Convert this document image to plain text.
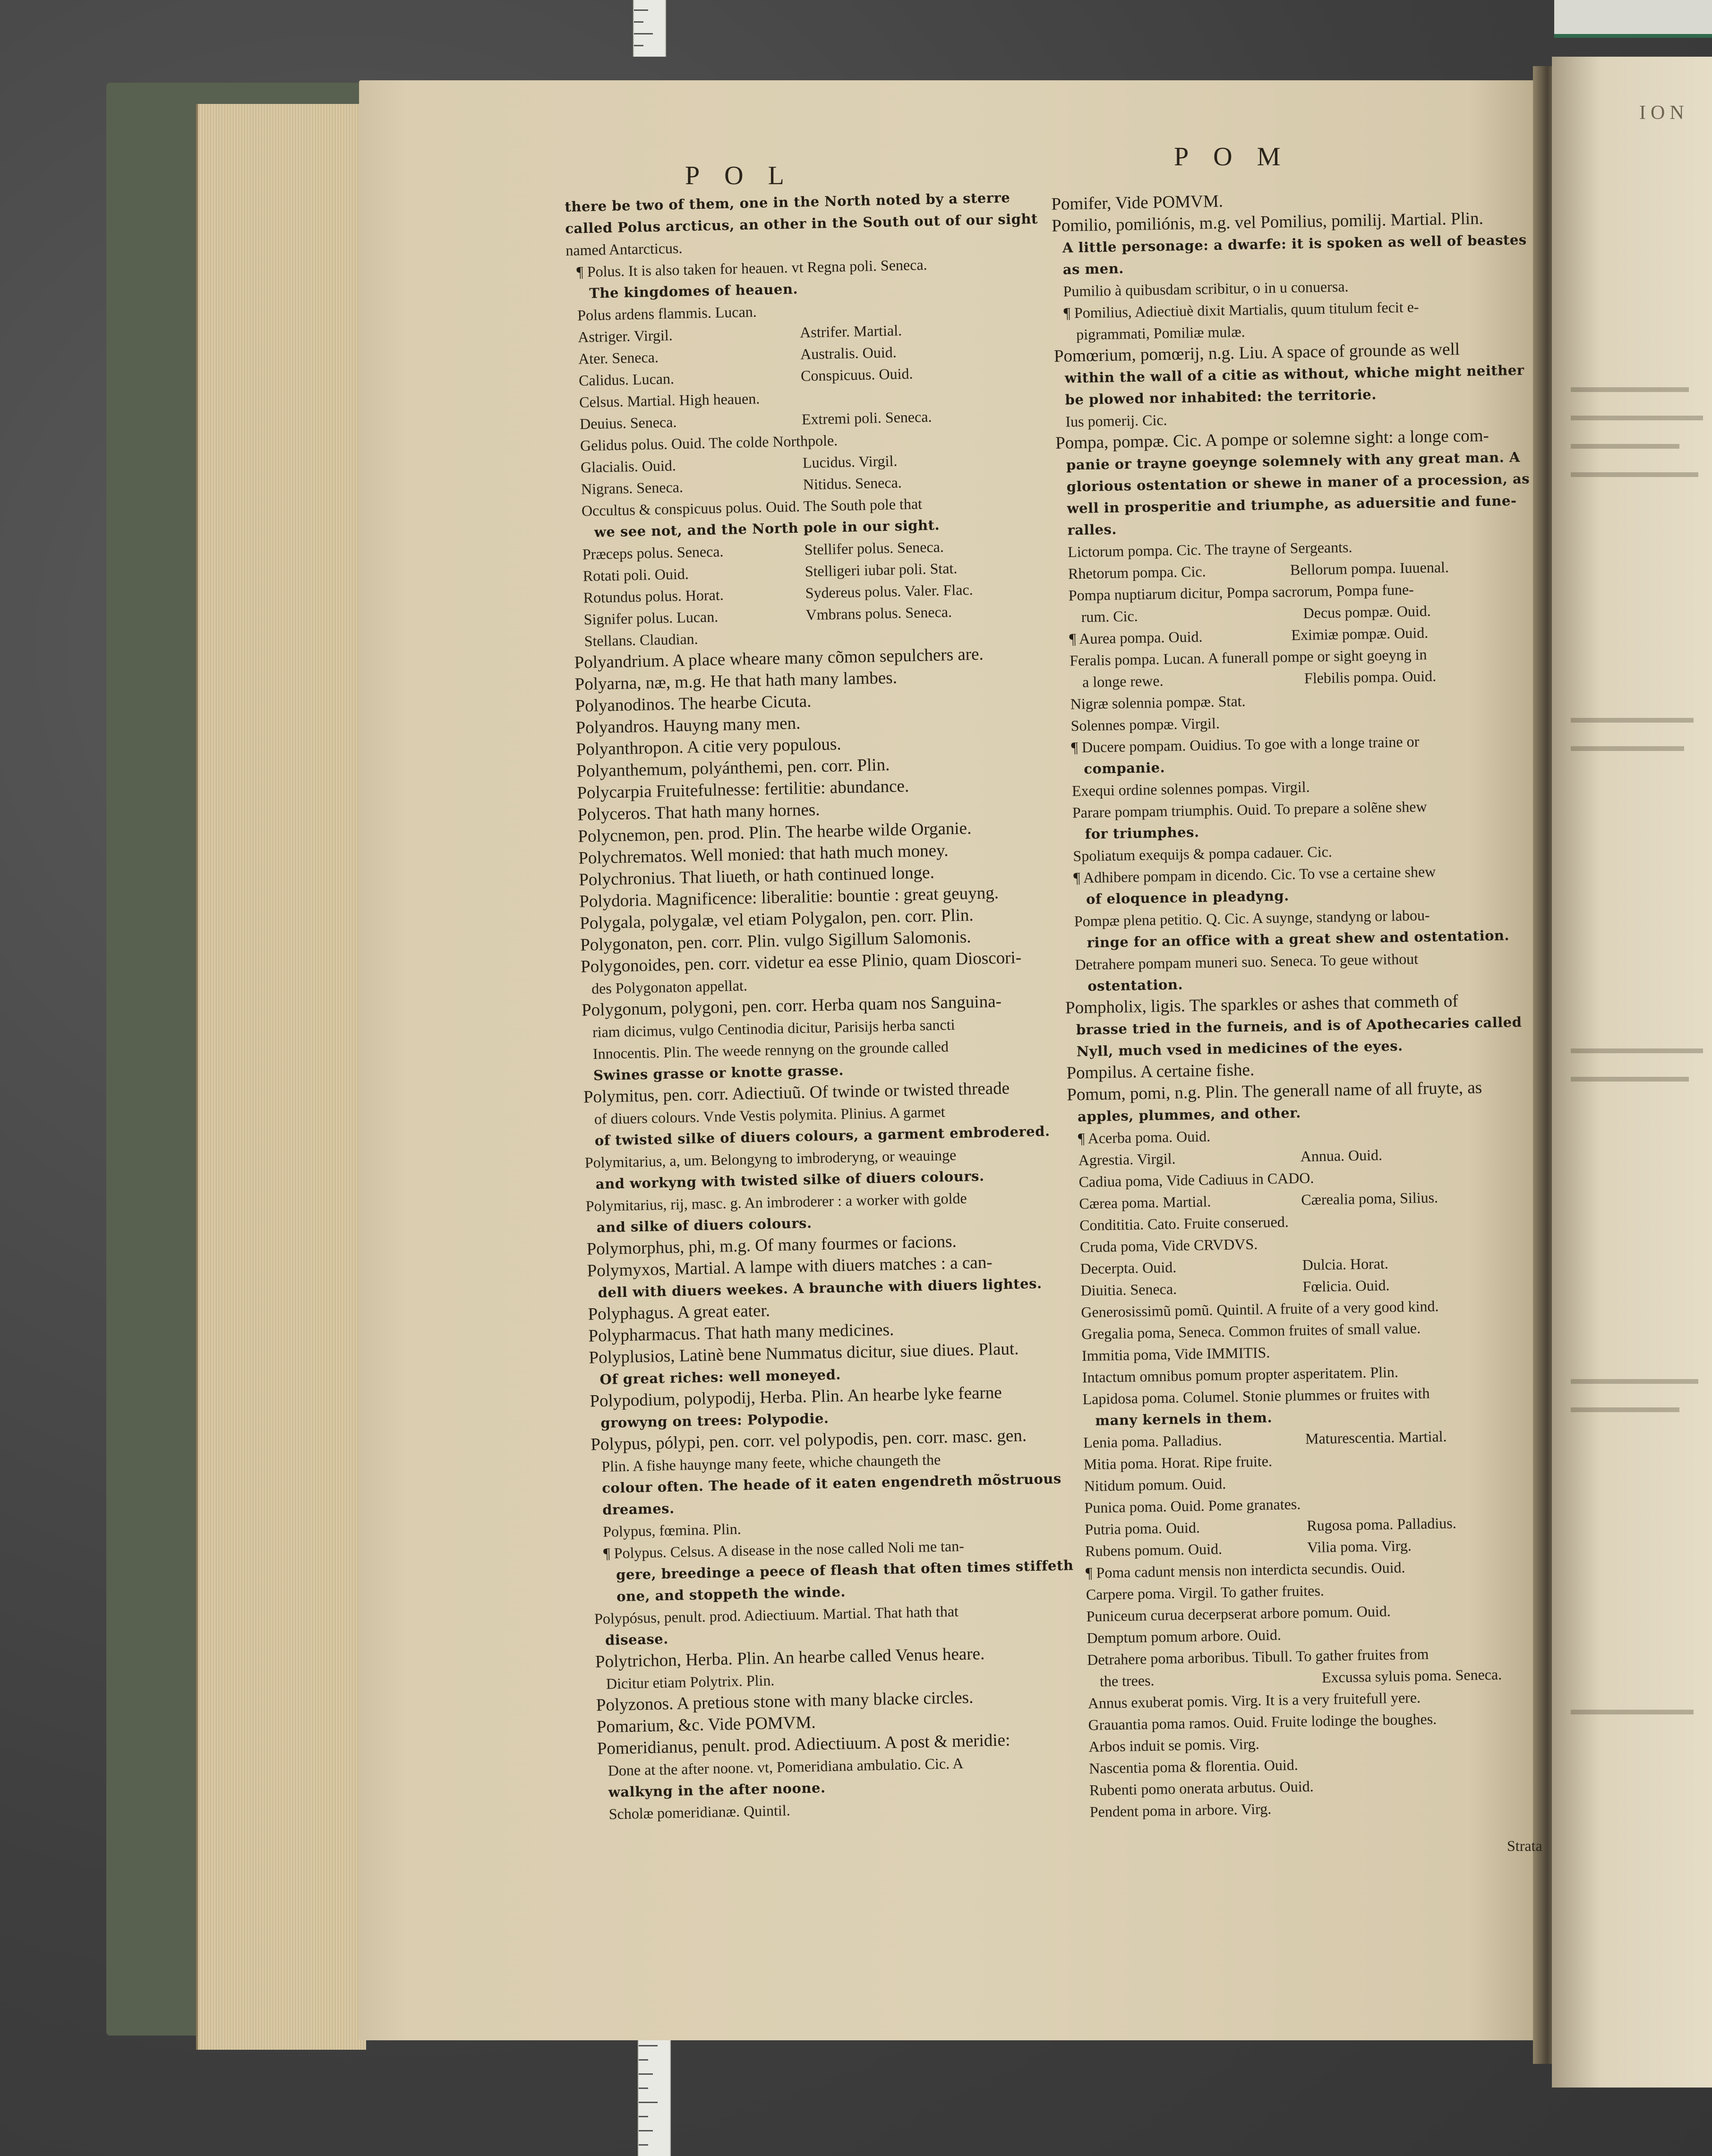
ION
POL
POM
there be two of them, one in the North noted by a sterre
called Polus arcticus, an other in the South out of our sight
named Antarcticus.
¶ Polus. It is also taken for heauen. vt Regna poli. Seneca.
The kingdomes of heauen.
Polus ardens flammis. Lucan.
Astriger. Virgil.	Astrifer. Martial.
Ater. Seneca.	Australis. Ouid.
Calidus. Lucan.	Conspicuus. Ouid.
Celsus. Martial. High heauen.
Deuius. Seneca.	Extremi poli. Seneca.
Gelidus polus. Ouid. The colde Northpole.
Glacialis. Ouid.	Lucidus. Virgil.
Nigrans. Seneca.	Nitidus. Seneca.
Occultus & conspicuus polus. Ouid. The South pole that
we see not, and the North pole in our sight.
Præceps polus. Seneca.	Stellifer polus. Seneca.
Rotati poli. Ouid.	Stelligeri iubar poli. Stat.
Rotundus polus. Horat.	Sydereus polus. Valer. Flac.
Signifer polus. Lucan.	Vmbrans polus. Seneca.
Stellans. Claudian.
Polyandrium. A place wheare many cõmon sepulchers are.
Polyarna, næ, m.g. He that hath many lambes.
Polyanodinos. The hearbe Cicuta.
Polyandros. Hauyng many men.
Polyanthropon. A citie very populous.
Polyanthemum, polyánthemi, pen. corr. Plin.
Polycarpia Fruitefulnesse: fertilitie: abundance.
Polyceros. That hath many hornes.
Polycnemon, pen. prod. Plin. The hearbe wilde Organie.
Polychrematos. Well monied: that hath much money.
Polychronius. That liueth, or hath continued longe.
Polydoria. Magnificence: liberalitie: bountie : great geuyng.
Polygala, polygalæ, vel etiam Polygalon, pen. corr. Plin.
Polygonaton, pen. corr. Plin. vulgo Sigillum Salomonis.
Polygonoides, pen. corr. videtur ea esse Plinio, quam Dioscori-
des Polygonaton appellat.
Polygonum, polygoni, pen. corr. Herba quam nos Sanguina-
riam dicimus, vulgo Centinodia dicitur, Parisijs herba sancti
Innocentis. Plin. The weede rennyng on the grounde called
Swines grasse or knotte grasse.
Polymitus, pen. corr. Adiectiuũ. Of twinde or twisted threade
of diuers colours. Vnde Vestis polymita. Plinius. A garmet
of twisted silke of diuers colours, a garment embrodered.
Polymitarius, a, um. Belongyng to imbroderyng, or weauinge
and workyng with twisted silke of diuers colours.
Polymitarius, rij, masc. g. An imbroderer : a worker with golde
and silke of diuers colours.
Polymorphus, phi, m.g. Of many fourmes or facions.
Polymyxos, Martial. A lampe with diuers matches : a can-
dell with diuers weekes. A braunche with diuers lightes.
Polyphagus. A great eater.
Polypharmacus. That hath many medicines.
Polyplusios, Latinè bene Nummatus dicitur, siue diues. Plaut.
Of great riches: well moneyed.
Polypodium, polypodij, Herba. Plin. An hearbe lyke fearne
growyng on trees: Polypodie.
Polypus, pólypi, pen. corr. vel polypodis, pen. corr. masc. gen.
Plin. A fishe hauynge many feete, whiche chaungeth the
colour often. The heade of it eaten engendreth mõstruous
dreames.
Polypus, fœmina. Plin.
¶ Polypus. Celsus. A disease in the nose called Noli me tan-
gere, breedinge a peece of fleash that often times stiffeth
one, and stoppeth the winde.
Polypósus, penult. prod. Adiectiuum. Martial. That hath that
disease.
Polytrichon, Herba. Plin. An hearbe called Venus heare.
Dicitur etiam Polytrix. Plin.
Polyzonos. A pretious stone with many blacke circles.
Pomarium, &c. Vide POMVM.
Pomeridianus, penult. prod. Adiectiuum. A post & meridie:
Done at the after noone. vt, Pomeridiana ambulatio. Cic. A
walkyng in the after noone.
Scholæ pomeridianæ. Quintil.
Pomifer, Vide POMVM.
Pomilio, pomiliónis, m.g. vel Pomilius, pomilij. Martial. Plin.
A little personage: a dwarfe: it is spoken as well of beastes
as men.
Pumilio à quibusdam scribitur, o in u conuersa.
¶ Pomilius, Adiectiuè dixit Martialis, quum titulum fecit e-
pigrammati, Pomiliæ mulæ.
Pomœrium, pomœrij, n.g. Liu. A space of grounde as well
within the wall of a citie as without, whiche might neither
be plowed nor inhabited: the territorie.
Ius pomerij. Cic.
Pompa, pompæ. Cic. A pompe or solemne sight: a longe com-
panie or trayne goeynge solemnely with any great man. A
glorious ostentation or shewe in maner of a procession, as
well in prosperitie and triumphe, as aduersitie and fune-
ralles.
Lictorum pompa. Cic. The trayne of Sergeants.
Rhetorum pompa. Cic.	Bellorum pompa. Iuuenal.
Pompa nuptiarum dicitur, Pompa sacrorum, Pompa fune-
rum. Cic.	Decus pompæ. Ouid.
¶ Aurea pompa. Ouid.	Eximiæ pompæ. Ouid.
Feralis pompa. Lucan. A funerall pompe or sight goeyng in
a longe rewe.	Flebilis pompa. Ouid.
Nigræ solennia pompæ. Stat.
Solennes pompæ. Virgil.
¶ Ducere pompam. Ouidius. To goe with a longe traine or
companie.
Exequi ordine solennes pompas. Virgil.
Parare pompam triumphis. Ouid. To prepare a solẽne shew
for triumphes.
Spoliatum exequijs & pompa cadauer. Cic.
¶ Adhibere pompam in dicendo. Cic. To vse a certaine shew
of eloquence in pleadyng.
Pompæ plena petitio. Q. Cic. A suynge, standyng or labou-
ringe for an office with a great shew and ostentation.
Detrahere pompam muneri suo. Seneca. To geue without
ostentation.
Pompholix, ligis. The sparkles or ashes that commeth of
brasse tried in the furneis, and is of Apothecaries called
Nyll, much vsed in medicines of the eyes.
Pompilus. A certaine fishe.
Pomum, pomi, n.g. Plin. The generall name of all fruyte, as
apples, plummes, and other.
¶ Acerba poma. Ouid.
Agrestia. Virgil.	Annua. Ouid.
Cadiua poma, Vide Cadiuus in CADO.
Cærea poma. Martial.	Cærealia poma, Silius.
Condititia. Cato. Fruite conserued.
Cruda poma, Vide CRVDVS.
Decerpta. Ouid.	Dulcia. Horat.
Diuitia. Seneca.	Fœlicia. Ouid.
Generosissimũ pomũ. Quintil. A fruite of a very good kind.
Gregalia poma, Seneca. Common fruites of small value.
Immitia poma, Vide IMMITIS.
Intactum omnibus pomum propter asperitatem. Plin.
Lapidosa poma. Columel. Stonie plummes or fruites with
many kernels in them.
Lenia poma. Palladius.	Maturescentia. Martial.
Mitia poma. Horat. Ripe fruite.
Nitidum pomum. Ouid.
Punica poma. Ouid. Pome granates.
Putria poma. Ouid.	Rugosa poma. Palladius.
Rubens pomum. Ouid.	Vilia poma. Virg.
¶ Poma cadunt mensis non interdicta secundis. Ouid.
Carpere poma. Virgil. To gather fruites.
Puniceum curua decerpserat arbore pomum. Ouid.
Demptum pomum arbore. Ouid.
Detrahere poma arboribus. Tibull. To gather fruites from
the trees.	Excussa syluis poma. Seneca.
Annus exuberat pomis. Virg. It is a very fruitefull yere.
Grauantia poma ramos. Ouid. Fruite lodinge the boughes.
Arbos induit se pomis. Virg.
Nascentia poma & florentia. Ouid.
Rubenti pomo onerata arbutus. Ouid.
Pendent poma in arbore. Virg.
Strata
